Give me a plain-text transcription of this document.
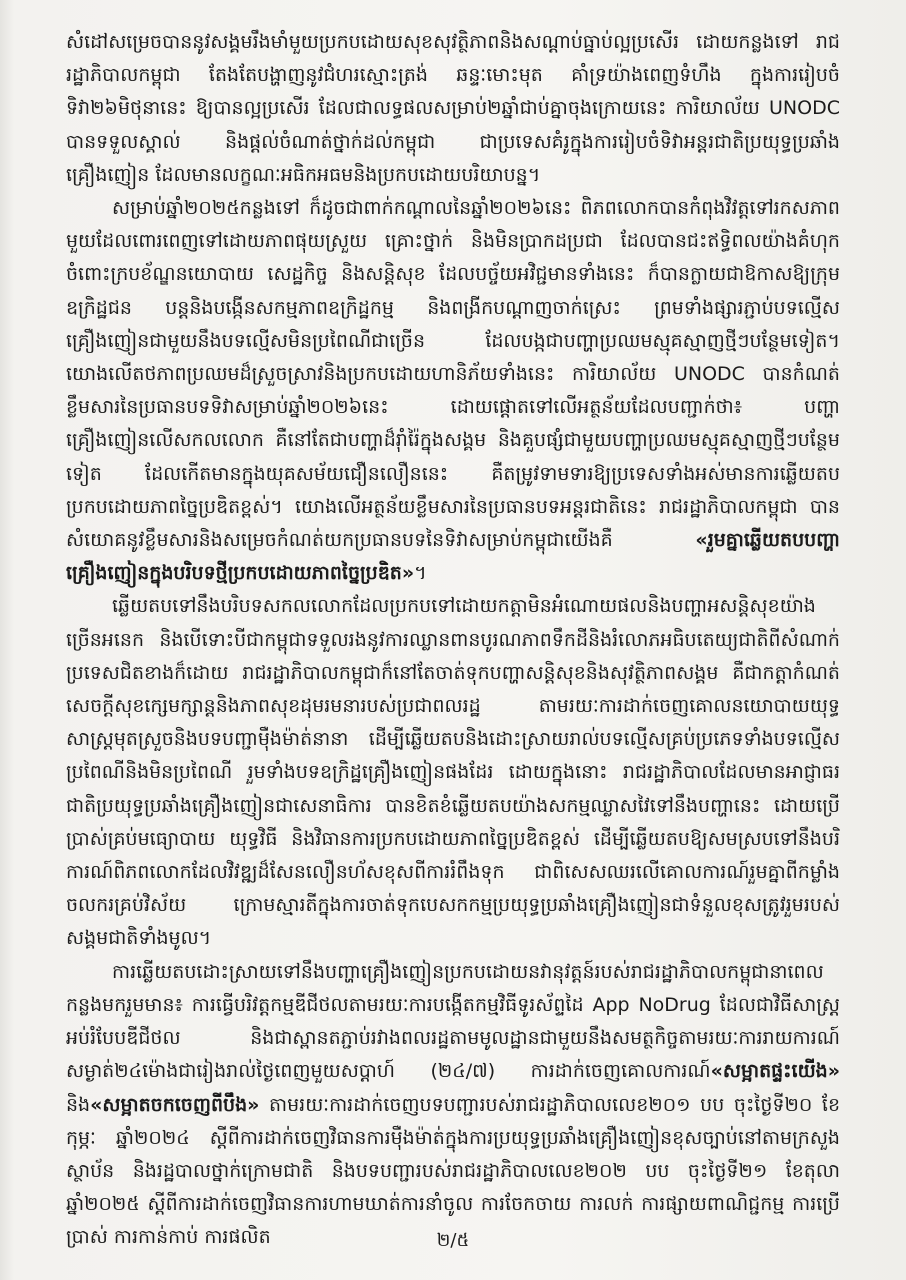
សំដៅសម្រេចបាននូវសង្គមរឹងមាំមួយប្រកបដោយសុខសុវត្ថិភាពនិងសណ្តាប់ធ្នាប់ល្អប្រសើរ ដោយកន្លងទៅ រាជរដ្ឋាភិបាលកម្ពុជា តែងតែបង្ហាញនូវជំហរស្មោះត្រង់ ឆន្ទៈមោះមុត គាំទ្រយ៉ាងពេញទំហឹង ក្នុងការរៀបចំទិវា២៦មិថុនានេះ ឱ្យបានល្អប្រសើរ ដែលជាលទ្ធផលសម្រាប់២ឆ្នាំជាប់គ្នាចុងក្រោយនេះ ការិយាល័យ UNODC បានទទួលស្គាល់ និងផ្តល់ចំណាត់ថ្នាក់ដល់កម្ពុជា ជាប្រទេសគំរូក្នុងការរៀបចំទិវាអន្តរជាតិប្រយុទ្ធប្រឆាំងគ្រឿងញៀន ដែលមានលក្ខណៈអធិកអធមនិងប្រកបដោយបរិយាបន្ន។

សម្រាប់ឆ្នាំ២០២៥កន្លងទៅ ក៏ដូចជាពាក់កណ្តាលនៃឆ្នាំ២០២៦នេះ ពិភពលោកបានកំពុងវិវត្តទៅរកសភាពមួយដែលពោរពេញទៅដោយភាពផុយស្រួយ គ្រោះថ្នាក់ និងមិនប្រាកដប្រជា ដែលបានជះឥទ្ធិពលយ៉ាងគំហុកចំពោះក្របខ័ណ្ឌនយោបាយ សេដ្ឋកិច្ច និងសន្តិសុខ ដែលបច្ច័យអវិជ្ជមានទាំងនេះ ក៏បានក្លាយជាឱកាសឱ្យក្រុមឧក្រិដ្ឋជន បន្តនិងបង្កើនសកម្មភាពឧក្រិដ្ឋកម្ម និងពង្រីកបណ្តាញចាក់ស្រេះ ព្រមទាំងផ្សារភ្ជាប់បទល្មើសគ្រឿងញៀនជាមួយនឹងបទល្មើសមិនប្រពៃណីជាច្រើន ដែលបង្កជាបញ្ហាប្រឈមស្មុគស្មាញថ្មីៗបន្ថែមទៀត។ យោងលើតថភាពប្រឈមដ៏ស្រួចស្រាវនិងប្រកបដោយហានិភ័យទាំងនេះ ការិយាល័យ UNODC បានកំណត់ខ្លឹមសារនៃប្រធានបទទិវាសម្រាប់ឆ្នាំ២០២៦នេះ ដោយផ្តោតទៅលើអត្ថន័យដែលបញ្ជាក់ថា៖ បញ្ហាគ្រឿងញៀនលើសកលលោក គឺនៅតែជាបញ្ហាដ៏រ៉ាំរ៉ៃក្នុងសង្គម និងគួបផ្សំជាមួយបញ្ហាប្រឈមស្មុគស្មាញថ្មីៗបន្ថែមទៀត ដែលកើតមានក្នុងយុគសម័យជឿនលឿននេះ គឺតម្រូវទាមទារឱ្យប្រទេសទាំងអស់មានការឆ្លើយតបប្រកបដោយភាពច្នៃប្រឌិតខ្ពស់។ យោងលើអត្ថន័យខ្លឹមសារនៃប្រធានបទអន្តរជាតិនេះ រាជរដ្ឋាភិបាលកម្ពុជា បានសំយោគនូវខ្លឹមសារនិងសម្រេចកំណត់យកប្រធានបទនៃទិវាសម្រាប់កម្ពុជាយើងគឺ «រួមគ្នាឆ្លើយតបបញ្ហាគ្រឿងញៀនក្នុងបរិបទថ្មីប្រកបដោយភាពច្នៃប្រឌិត»។

ឆ្លើយតបទៅនឹងបរិបទសកលលោកដែលប្រកបទៅដោយកត្តាមិនអំណោយផលនិងបញ្ហាអសន្តិសុខយ៉ាងច្រើនអនេក និងបើទោះបីជាកម្ពុជាទទួលរងនូវការឈ្លានពានបូរណភាពទឹកដីនិងរំលោភអធិបតេយ្យជាតិពីសំណាក់ប្រទេសជិតខាងក៏ដោយ រាជរដ្ឋាភិបាលកម្ពុជាក៏នៅតែចាត់ទុកបញ្ហាសន្តិសុខនិងសុវត្ថិភាពសង្គម គឺជាកត្តាកំណត់សេចក្តីសុខក្សេមក្សាន្តនិងភាពសុខដុមរមនារបស់ប្រជាពលរដ្ឋ តាមរយៈការដាក់ចេញគោលនយោបាយយុទ្ធសាស្ត្រមុតស្រួចនិងបទបញ្ជាម៉ឺងម៉ាត់នានា ដើម្បីឆ្លើយតបនិងដោះស្រាយរាល់បទល្មើសគ្រប់ប្រភេទទាំងបទល្មើសប្រពៃណីនិងមិនប្រពៃណី រួមទាំងបទឧក្រិដ្ឋគ្រឿងញៀនផងដែរ ដោយក្នុងនោះ រាជរដ្ឋាភិបាលដែលមានអាជ្ញាធរជាតិប្រយុទ្ធប្រឆាំងគ្រឿងញៀនជាសេនាធិការ បានខិតខំឆ្លើយតបយ៉ាងសកម្មឈ្លាសវៃទៅនឹងបញ្ហានេះ ដោយប្រើប្រាស់គ្រប់មធ្យោបាយ យុទ្ធវិធី និងវិធានការប្រកបដោយភាពច្នៃប្រឌិតខ្ពស់ ដើម្បីឆ្លើយតបឱ្យសមស្របទៅនឹងបរិការណ៍ពិភពលោកដែលវិវឌ្ឍដ៏សែនលឿនហ័សខុសពីការរំពឹងទុក ជាពិសេសឈរលើគោលការណ៍រួមគ្នាពីកម្លាំងចលករគ្រប់វិស័យ ក្រោមស្មារតីក្នុងការចាត់ទុកបេសកកម្មប្រយុទ្ធប្រឆាំងគ្រឿងញៀនជាទំនួលខុសត្រូវរួមរបស់សង្គមជាតិទាំងមូល។

ការឆ្លើយតបដោះស្រាយទៅនឹងបញ្ហាគ្រឿងញៀនប្រកបដោយនវានុវត្តន៍របស់រាជរដ្ឋាភិបាលកម្ពុជានាពេលកន្លងមករួមមាន៖ ការធ្វើបរិវត្តកម្មឌីជីថលតាមរយៈការបង្កើតកម្មវិធីទូរស័ព្ទដៃ App NoDrug ដែលជាវិធីសាស្ត្រអប់រំបែបឌីជីថល និងជាស្ពានតភ្ជាប់រវាងពលរដ្ឋតាមមូលដ្ឋានជាមួយនឹងសមត្ថកិច្ចតាមរយៈការរាយការណ៍សម្ងាត់២៤ម៉ោងជារៀងរាល់ថ្ងៃពេញមួយសប្តាហ៍ (២៤/៧) ការដាក់ចេញគោលការណ៍«សម្អាតផ្ទះយើង» និង«សម្អាតចកចេញពីបឹង» តាមរយៈការដាក់ចេញបទបញ្ជារបស់រាជរដ្ឋាភិបាលលេខ២០១ បប ចុះថ្ងៃទី២០ ខែកុម្ភៈ ឆ្នាំ២០២៤ ស្តីពីការដាក់ចេញវិធានការម៉ឺងម៉ាត់ក្នុងការប្រយុទ្ធប្រឆាំងគ្រឿងញៀនខុសច្បាប់នៅតាមក្រសួង ស្ថាប័ន និងរដ្ឋបាលថ្នាក់ក្រោមជាតិ និងបទបញ្ជារបស់រាជរដ្ឋាភិបាលលេខ២០២ បប ចុះថ្ងៃទី២១ ខែតុលា ឆ្នាំ២០២៥ ស្តីពីការដាក់ចេញវិធានការហាមឃាត់ការនាំចូល ការចែកចាយ ការលក់ ការផ្សាយពាណិជ្ជកម្ម ការប្រើប្រាស់ ការកាន់កាប់ ការផលិត	២/៥
